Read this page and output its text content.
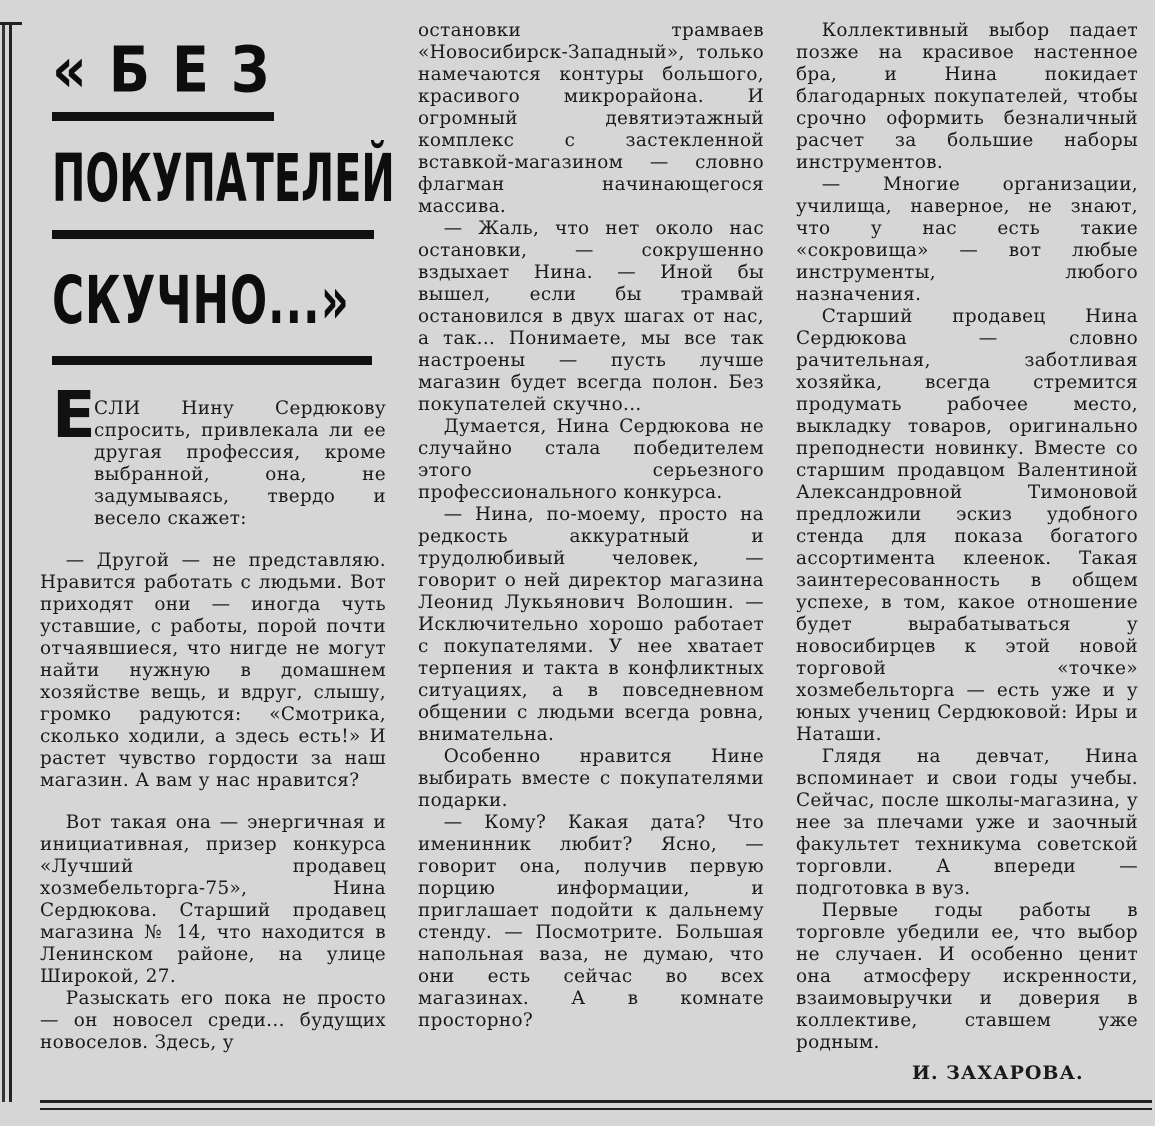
«БЕЗ
ПОКУПАТЕЛЕЙ
СКУЧНО...»
Е

СЛИ Нину Сердюкову спросить, привлекала ли ее другая профессия, кроме выбранной, она, не задумываясь, твердо и весело скажет:

— Другой — не представляю. Нравится работать с людьми. Вот приходят они — иногда чуть уставшие, с работы, порой почти отчаявшиеся, что нигде не могут найти нужную в домашнем хозяйстве вещь, и вдруг, слышу, громко радуются: «Смотрика, сколько ходили, а здесь есть!» И растет чувство гордости за наш магазин. А вам у нас нравится?

Вот такая она — энергичная и инициативная, призер конкурса «Лучший продавец хозмебельторга-75», Нина Сердюкова. Старший продавец магазина № 14, что находится в Ленинском районе, на улице Широкой, 27.

Разыскать его пока не просто — он новосел среди... будущих новоселов. Здесь, у

остановки трамваев «Новосибирск-Западный», только намечаются контуры большого, красивого микрорайона. И огромный девятиэтажный комплекс с застекленной вставкой-магазином — словно флагман начинающегося массива.

— Жаль, что нет около нас остановки, — сокрушенно вздыхает Нина. — Иной бы вышел, если бы трамвай остановился в двух шагах от нас, а так... Понимаете, мы все так настроены — пусть лучше магазин будет всегда полон. Без покупателей скучно...

Думается, Нина Сердюкова не случайно стала победителем этого серьезного профессионального конкурса.

— Нина, по-моему, просто на редкость аккуратный и трудолюбивый человек, — говорит о ней директор магазина Леонид Лукьянович Волошин. — Исключительно хорошо работает с покупателями. У нее хватает терпения и такта в конфликтных ситуациях, а в повседневном общении с людьми всегда ровна, внимательна.

Особенно нравится Нине выбирать вместе с покупателями подарки.

— Кому? Какая дата? Что именинник любит? Ясно, — говорит она, получив первую порцию информации, и приглашает подойти к дальнему стенду. — Посмотрите. Большая напольная ваза, не думаю, что они есть сейчас во всех магазинах. А в комнате просторно?

Коллективный выбор падает позже на красивое настенное бра, и Нина покидает благодарных покупателей, чтобы срочно оформить безналичный расчет за большие наборы инструментов.

— Многие организации, училища, наверное, не знают, что у нас есть такие «сокровища» — вот любые инструменты, любого назначения.

Старший продавец Нина Сердюкова — словно рачительная, заботливая хозяйка, всегда стремится продумать рабочее место, выкладку товаров, оригинально преподнести новинку. Вместе со старшим продавцом Валентиной Александровной Тимоновой предложили эскиз удобного стенда для показа богатого ассортимента клеенок. Такая заинтересованность в общем успехе, в том, какое отношение будет вырабатываться у новосибирцев к этой новой торговой «точке» хозмебельторга — есть уже и у юных учениц Сердюковой: Иры и Наташи.

Глядя на девчат, Нина вспоминает и свои годы учебы. Сейчас, после школы-магазина, у нее за плечами уже и заочный факультет техникума советской торговли. А впереди — подготовка в вуз.

Первые годы работы в торговле убедили ее, что выбор не случаен. И особенно ценит она атмосферу искренности, взаимовыручки и доверия в коллективе, ставшем уже родным.

И. ЗАХАРОВА.
